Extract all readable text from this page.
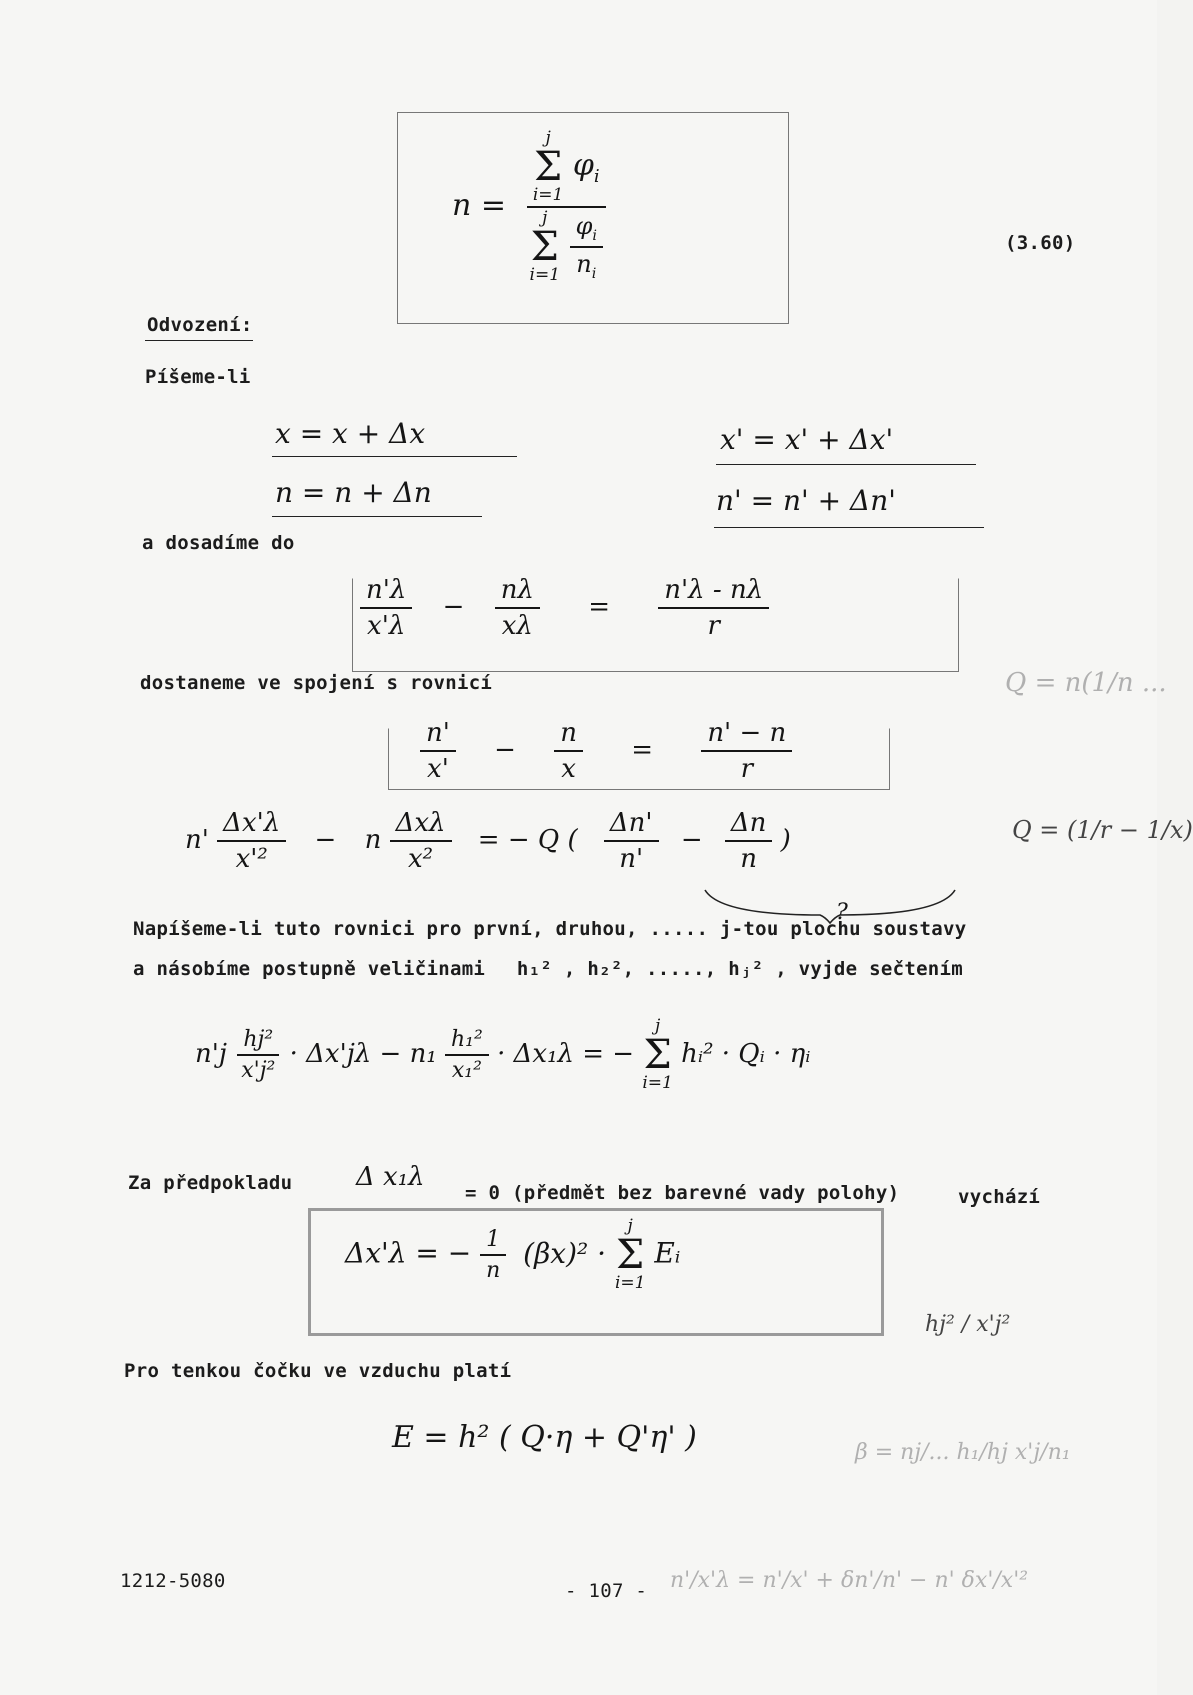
n = j
Σ
i=1
$\varphi_i$
j
Σ
i=1
$\frac{\varphi_i}{n_i}$	(3.60)
Odvození:
Píšeme-li
x = x + Δx
n = n + Δn
x' = x' + Δx'
n' = n' + Δn'
a dosadíme do
$\frac{n'\lambda}{x'\lambda} - \frac{n\lambda}{x\lambda} = \frac{n'\lambda - n\lambda}{r}$
dostaneme ve spojení s rovnicí
$\frac{n'}{x'} - \frac{n}{x} = \frac{n' - n}{r}$
$n' \frac{\Delta x'\lambda}{\text{x'²}} - n \frac{\text{Δxλ}}{\text{x²}}$ = − Q ( $\frac{\Delta n'}{n'} - \frac{\Delta n}{n}$ )
?
Napíšeme-li tuto rovnici pro první, druhou, ..... j-tou plochu soustavy
a násobíme postupně veličinami h₁² , h₂², ....., hⱼ² , vyjde sečtením
$n'j \frac{\text{hj²}}{\text{x'j²}} \cdot \Delta x'j\lambda - n_1 \frac{\text{h₁²}}{\text{x₁²}} \cdot \Delta x_1\lambda$ = −
j
Σ
i=1
hᵢ² · Qᵢ · ηᵢ
Za předpokladu Δ x₁λ
= 0 (předmět bez barevné vady polohy)	vychází
Δx'λ = − $\frac{1}{n} (\beta x)^2$ ·
j
Σ
i=1
Eᵢ
Pro tenkou čočku ve vzduchu platí
E = h² ( Q·η + Q'η' )
1212-5080	- 107 -
Q = n(1/n ...
Q = (1/r − 1/x)
hj² / x'j²
β = nj/... h₁/hj x'j/n₁
n'/x'λ = n'/x' + δn'/n' − n' δx'/x'²
